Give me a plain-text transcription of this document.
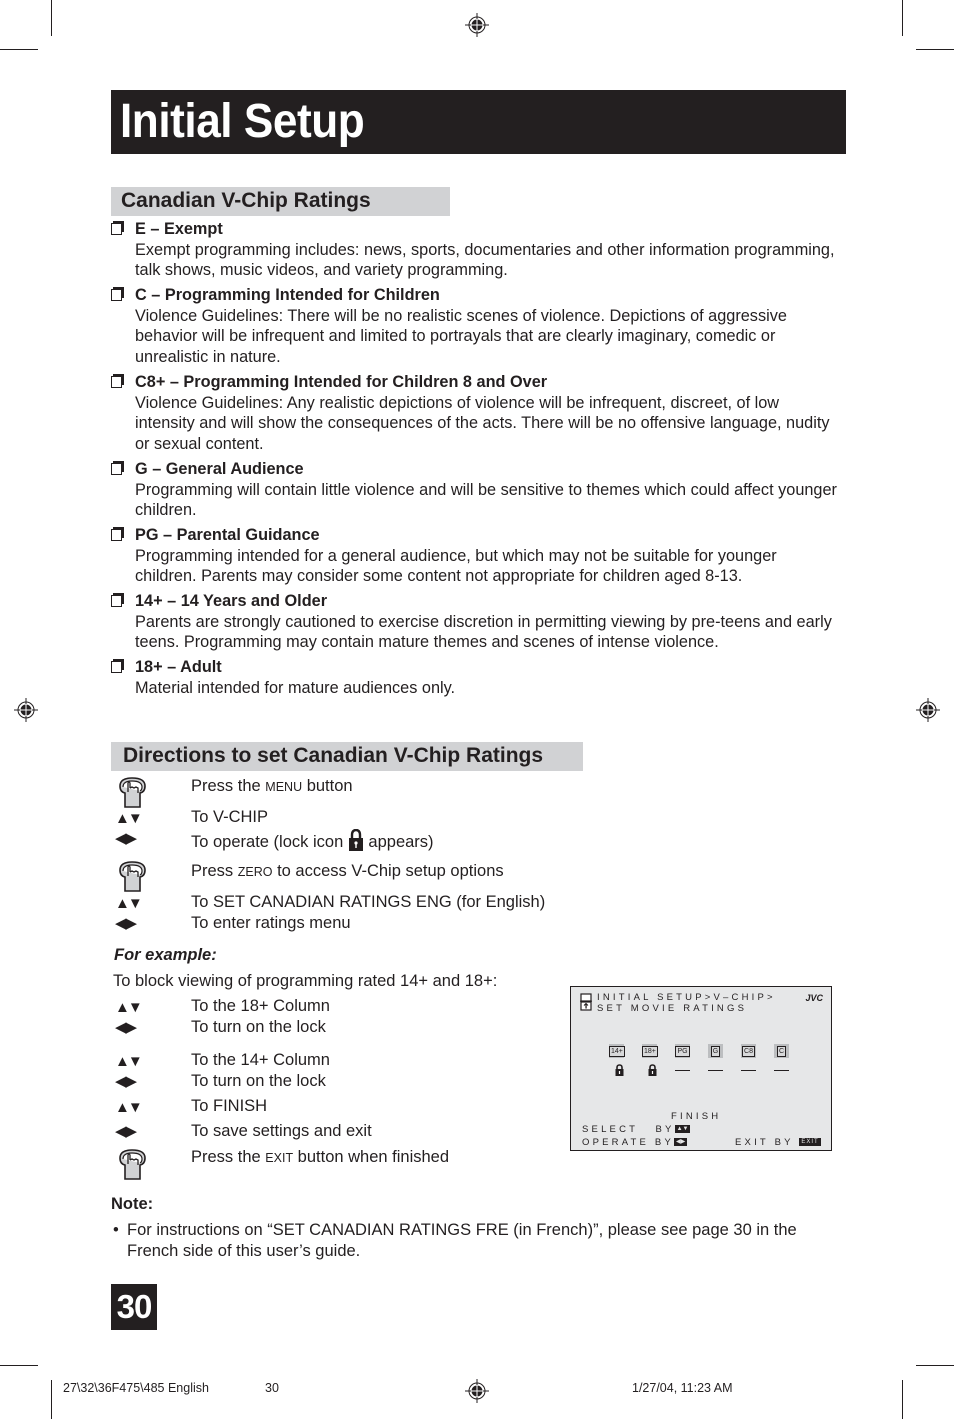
Initial Setup
Canadian V-Chip Ratings
E – Exempt
Exempt programming includes: news, sports, documentaries and other information programming, talk shows, music videos, and variety programming.
C – Programming Intended for Children
Violence Guidelines: There will be no realistic scenes of violence. Depictions of aggressive behavior will be infrequent and limited to portrayals that are clearly imaginary, comedic or unrealistic in nature.
C8+ – Programming Intended for Children 8 and Over
Violence Guidelines: Any realistic depictions of violence will be infrequent, discreet, of low intensity and will show the consequences of the acts. There will be no offensive language, nudity or sexual content.
G – General Audience
Programming will contain little violence and will be sensitive to themes which could affect younger children.
PG – Parental Guidance
Programming intended for a general audience, but which may not be suitable for younger children. Parents may consider some content not appropriate for children aged 8-13.
14+ – 14 Years and Older
Parents are strongly cautioned to exercise discretion in permitting viewing by pre-teens and early teens. Programming may contain mature themes and scenes of intense violence.
18+ – Adult
Material intended for mature audiences only.
Directions to set Canadian V-Chip Ratings
Press the MENU button
▲▼	To V-CHIP
◀▶	To operate (lock icon  appears)
Press ZERO to access V-Chip setup options
▲▼	To SET CANADIAN RATINGS ENG (for English)
◀▶	To enter ratings menu
For example:
To block viewing of programming rated 14+ and 18+:
▲▼	To the 18+ Column
◀▶	To turn on the lock
▲▼	To the 14+ Column
◀▶	To turn on the lock
▲▼	To FINISH
◀▶	To save settings and exit
Press the EXIT button when finished
INITIAL SETUP>V–CHIP>
SET MOVIE RATINGS
JVC
14+	18+	PG	G	C8	C
FINISH
SELECT   BY ▲▼
OPERATE BY ◀▶	EXIT BY EXIT
Note:
• For instructions on “SET CANADIAN RATINGS FRE (in French)”, please see page 30 in the French side of this user’s guide.
30
27\32\36F475\485 English	30	1/27/04, 11:23 AM
